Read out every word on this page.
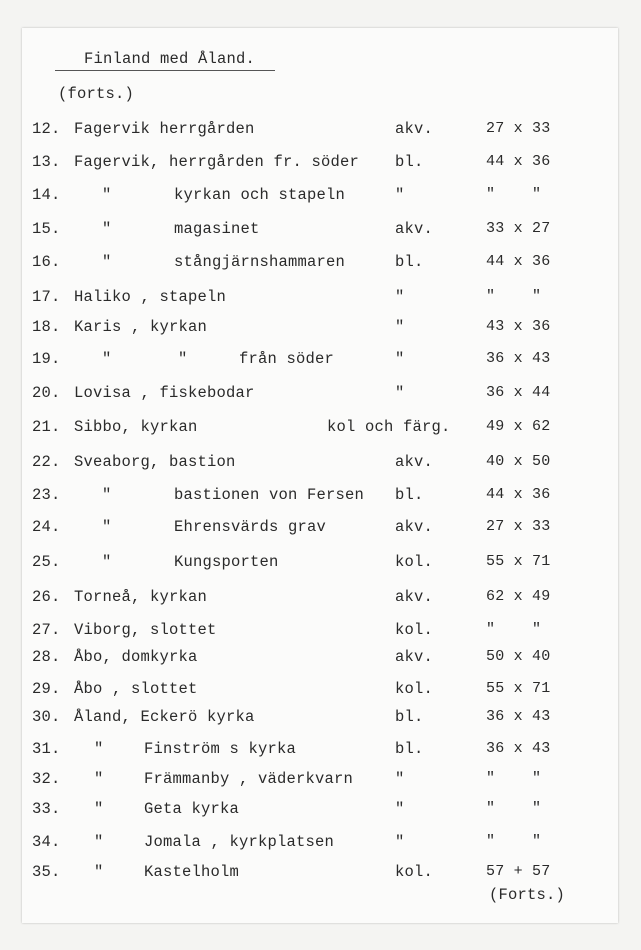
Finland med Åland.
(forts.)
12. Fagervik herrgården	akv.	27 x 33
13. Fagervik, herrgården fr. söder bl.	44 x 36
14.	"	kyrkan och stapeln	"	"    "
15.	"	magasinet	akv.	33 x 27
16.	"	stångjärnshammaren	bl.	44 x 36
17. Haliko , stapeln	"	"    "
18. Karis , kyrkan	"	43 x 36
19.	"       "	från söder	"	36 x 43
20. Lovisa , fiskebodar	"	36 x 44
21. Sibbo, kyrkan	kol och färg. 49 x 62
22. Sveaborg, bastion	akv.	40 x 50
23.	"	bastionen von Fersen bl.	44 x 36
24.	"	Ehrensvärds grav	akv.	27 x 33
25.	"	Kungsporten	kol.	55 x 71
26. Torneå, kyrkan	akv.	62 x 49
27. Viborg, slottet	kol.	"    "
28. Åbo, domkyrka	akv.	50 x 40
29. Åbo , slottet	kol.	55 x 71
30. Åland, Eckerö kyrka	bl.	36 x 43
31. "	Finström s kyrka	bl.	36 x 43
32. "	Främmanby , väderkvarn	"	"    "
33. "	Geta kyrka	"	"    "
34. "	Jomala , kyrkplatsen	"	"    "
35. "	Kastelholm	kol.	57 + 57
(Forts.)
